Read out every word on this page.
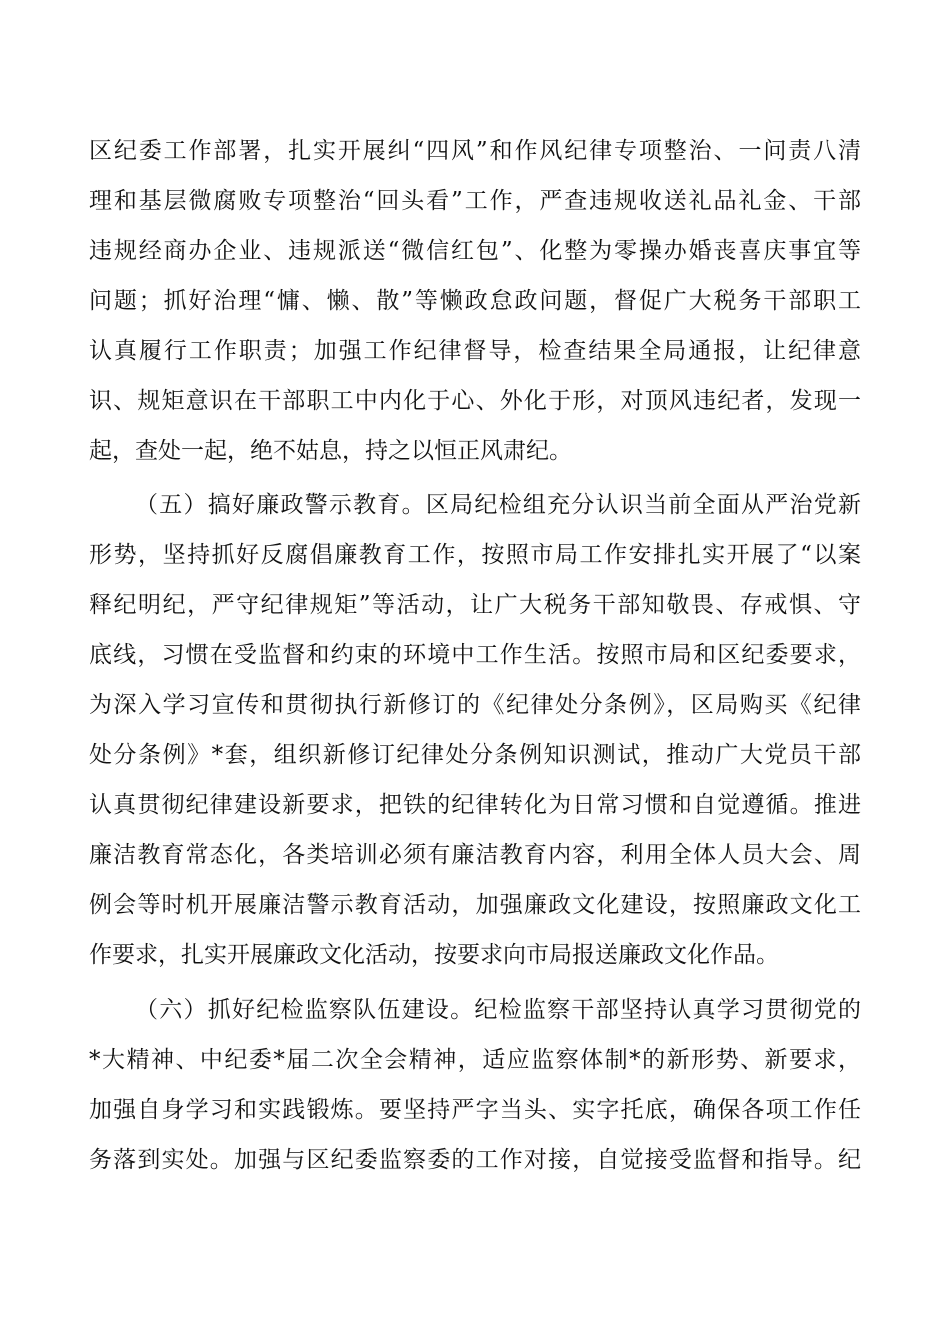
区纪委工作部署，扎实开展纠“四风”和作风纪律专项整治、一问责八清
理和基层微腐败专项整治“回头看”工作，严查违规收送礼品礼金、干部
违规经商办企业、违规派送“微信红包”、化整为零操办婚丧喜庆事宜等
问题；抓好治理“慵、懒、散”等懒政怠政问题，督促广大税务干部职工
认真履行工作职责；加强工作纪律督导，检查结果全局通报，让纪律意
识、规矩意识在干部职工中内化于心、外化于形，对顶风违纪者，发现一
起，查处一起，绝不姑息，持之以恒正风肃纪。
（五）搞好廉政警示教育。区局纪检组充分认识当前全面从严治党新
形势，坚持抓好反腐倡廉教育工作，按照市局工作安排扎实开展了“以案
释纪明纪，严守纪律规矩”等活动，让广大税务干部知敬畏、存戒惧、守
底线，习惯在受监督和约束的环境中工作生活。按照市局和区纪委要求，
为深入学习宣传和贯彻执行新修订的《纪律处分条例》，区局购买《纪律
处分条例》*套，组织新修订纪律处分条例知识测试，推动广大党员干部
认真贯彻纪律建设新要求，把铁的纪律转化为日常习惯和自觉遵循。推进
廉洁教育常态化，各类培训必须有廉洁教育内容，利用全体人员大会、周
例会等时机开展廉洁警示教育活动，加强廉政文化建设，按照廉政文化工
作要求，扎实开展廉政文化活动，按要求向市局报送廉政文化作品。
（六）抓好纪检监察队伍建设。纪检监察干部坚持认真学习贯彻党的
*大精神、中纪委*届二次全会精神，适应监察体制*的新形势、新要求，
加强自身学习和实践锻炼。要坚持严字当头、实字托底，确保各项工作任
务落到实处。加强与区纪委监察委的工作对接，自觉接受监督和指导。纪
